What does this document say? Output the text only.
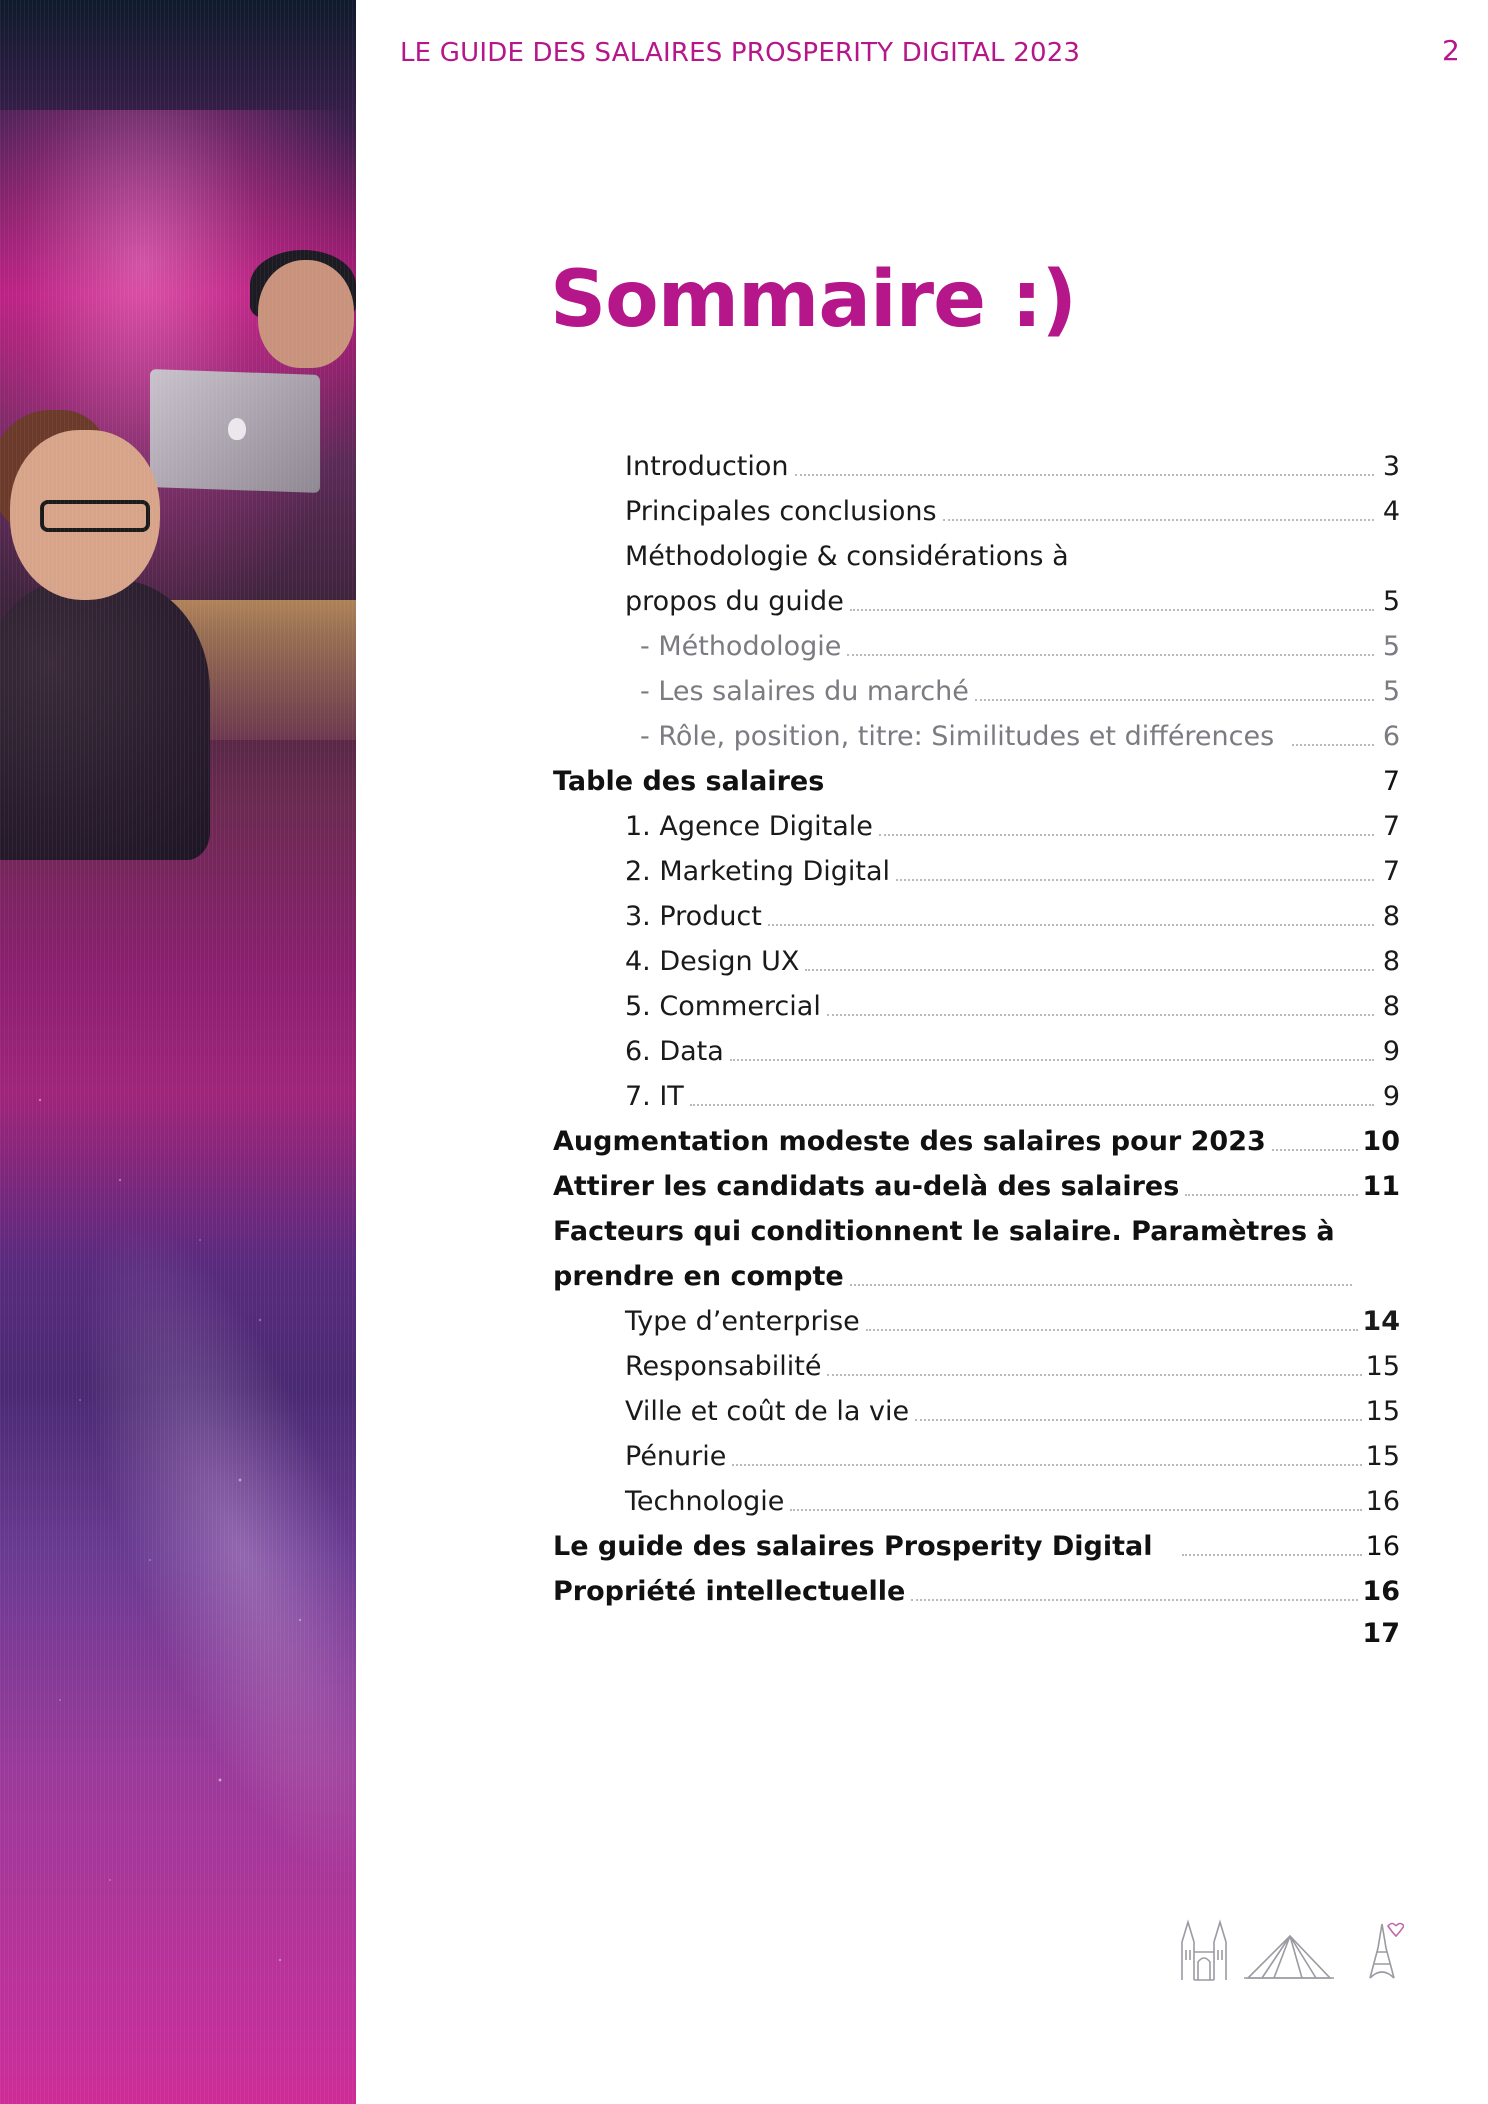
LE GUIDE DES SALAIRES PROSPERITY DIGITAL 2023	2
Sommaire :)
Introduction	3
Principales conclusions	4
Méthodologie & considérations à
propos du guide	5
- Méthodologie	5
- Les salaires du marché	5
- Rôle, position, titre: Similitudes et différences	6
Table des salaires	7
1. Agence Digitale	7
2. Marketing Digital	7
3. Product	8
4. Design UX	8
5. Commercial	8
6. Data	9
7. IT	9
Augmentation modeste des salaires pour 2023	10
Attirer les candidats au-delà des salaires	11
Facteurs qui conditionnent le salaire. Paramètres à
prendre en compte
Type d’enterprise	14
Responsabilité	15
Ville et coût de la vie	15
Pénurie	15
Technologie	16
Le guide des salaires Prosperity Digital	16
Propriété intellectuelle	16
17
